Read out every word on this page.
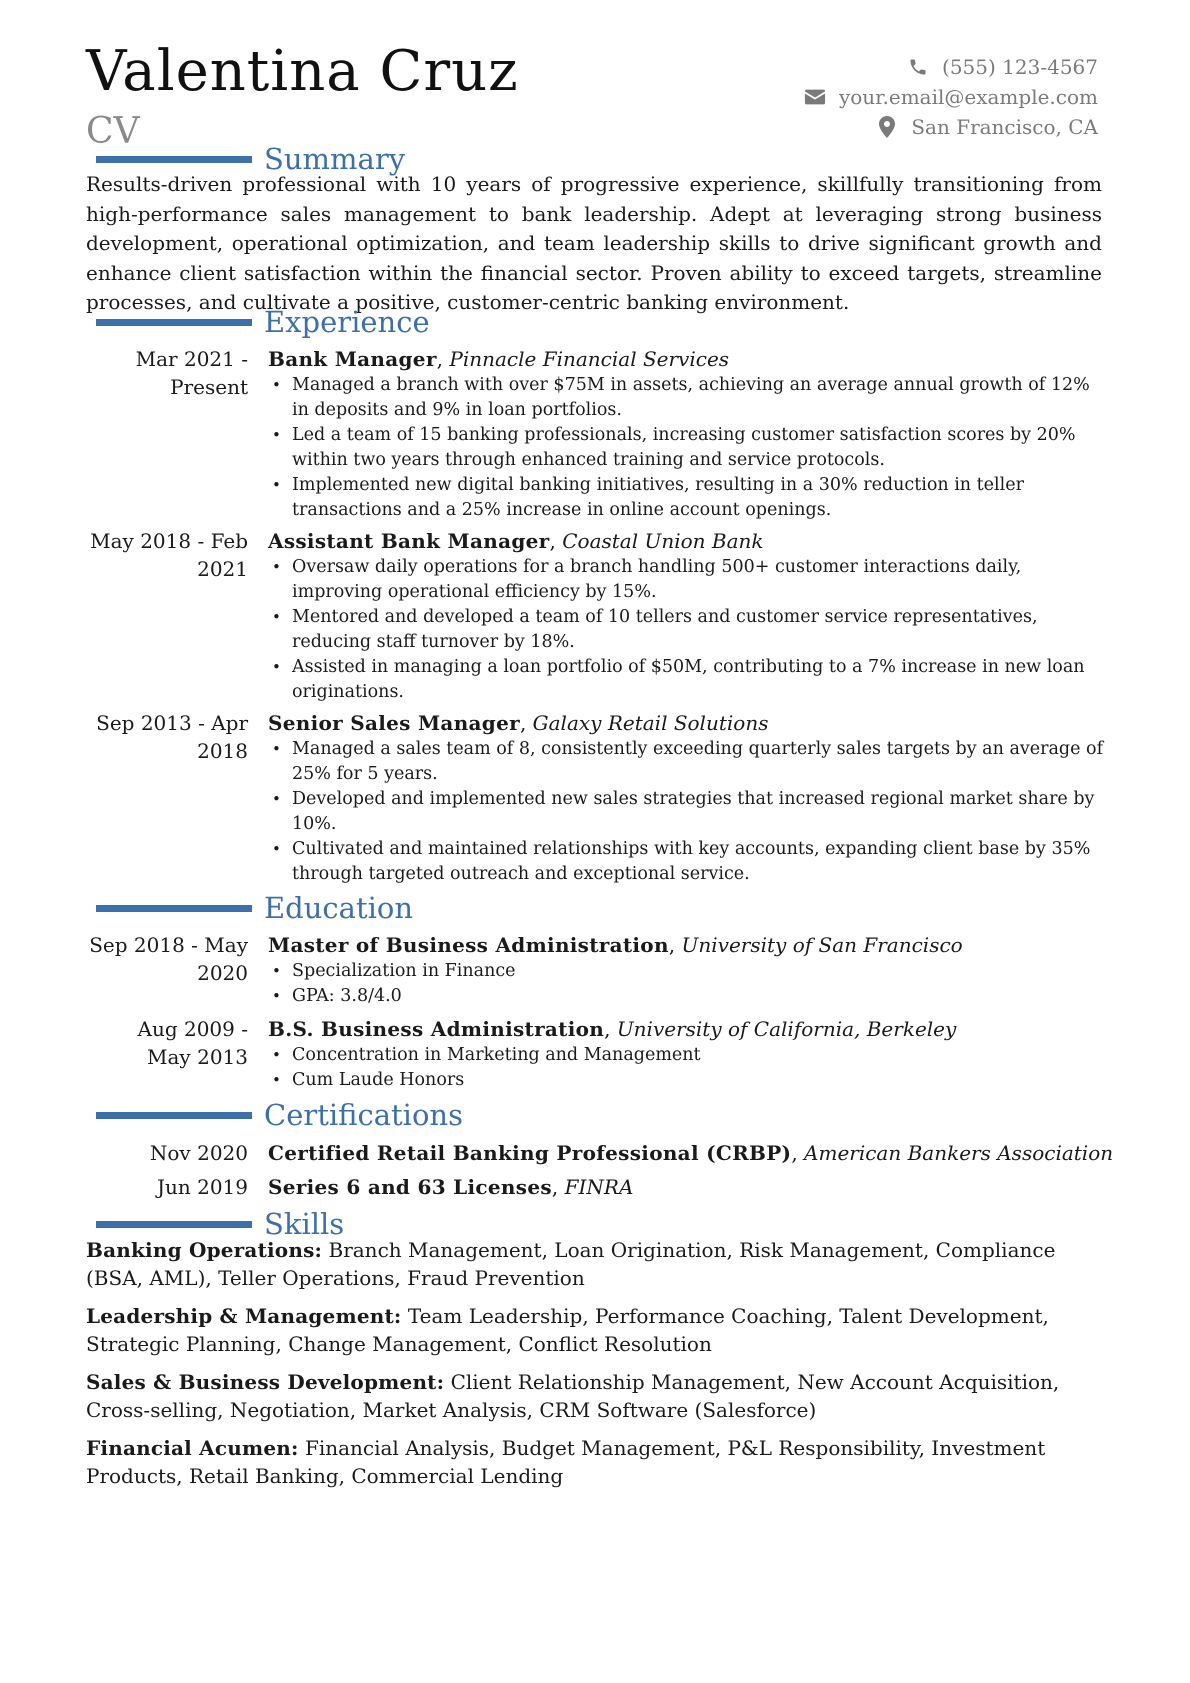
Valentina Cruz
CV
(555) 123-4567
your.email@example.com
San Francisco, CA
Summary
Results-driven professional with 10 years of progressive experience, skillfully transitioning from high-performance sales management to bank leadership. Adept at leveraging strong business development, operational optimization, and team leadership skills to drive significant growth and enhance client satisfaction within the financial sector. Proven ability to exceed targets, streamline processes, and cultivate a positive, customer-centric banking environment.
Experience
Mar 2021 -
Present
Bank Manager, Pinnacle Financial Services
• Managed a branch with over $75M in assets, achieving an average annual growth of 12% in deposits and 9% in loan portfolios.
• Led a team of 15 banking professionals, increasing customer satisfaction scores by 20% within two years through enhanced training and service protocols.
• Implemented new digital banking initiatives, resulting in a 30% reduction in teller transactions and a 25% increase in online account openings.
May 2018 - Feb
2021
Assistant Bank Manager, Coastal Union Bank
• Oversaw daily operations for a branch handling 500+ customer interactions daily, improving operational efficiency by 15%.
• Mentored and developed a team of 10 tellers and customer service representatives, reducing staff turnover by 18%.
• Assisted in managing a loan portfolio of $50M, contributing to a 7% increase in new loan originations.
Sep 2013 - Apr
2018
Senior Sales Manager, Galaxy Retail Solutions
• Managed a sales team of 8, consistently exceeding quarterly sales targets by an average of 25% for 5 years.
• Developed and implemented new sales strategies that increased regional market share by 10%.
• Cultivated and maintained relationships with key accounts, expanding client base by 35% through targeted outreach and exceptional service.
Education
Sep 2018 - May
2020
Master of Business Administration, University of San Francisco
• Specialization in Finance
• GPA: 3.8/4.0
Aug 2009 -
May 2013
B.S. Business Administration, University of California, Berkeley
• Concentration in Marketing and Management
• Cum Laude Honors
Certifications
Nov 2020 Certified Retail Banking Professional (CRBP), American Bankers Association
Jun 2019 Series 6 and 63 Licenses, FINRA
Skills
Banking Operations: Branch Management, Loan Origination, Risk Management, Compliance (BSA, AML), Teller Operations, Fraud Prevention
Leadership & Management: Team Leadership, Performance Coaching, Talent Development, Strategic Planning, Change Management, Conflict Resolution
Sales & Business Development: Client Relationship Management, New Account Acquisition, Cross-selling, Negotiation, Market Analysis, CRM Software (Salesforce)
Financial Acumen: Financial Analysis, Budget Management, P&L Responsibility, Investment Products, Retail Banking, Commercial Lending
